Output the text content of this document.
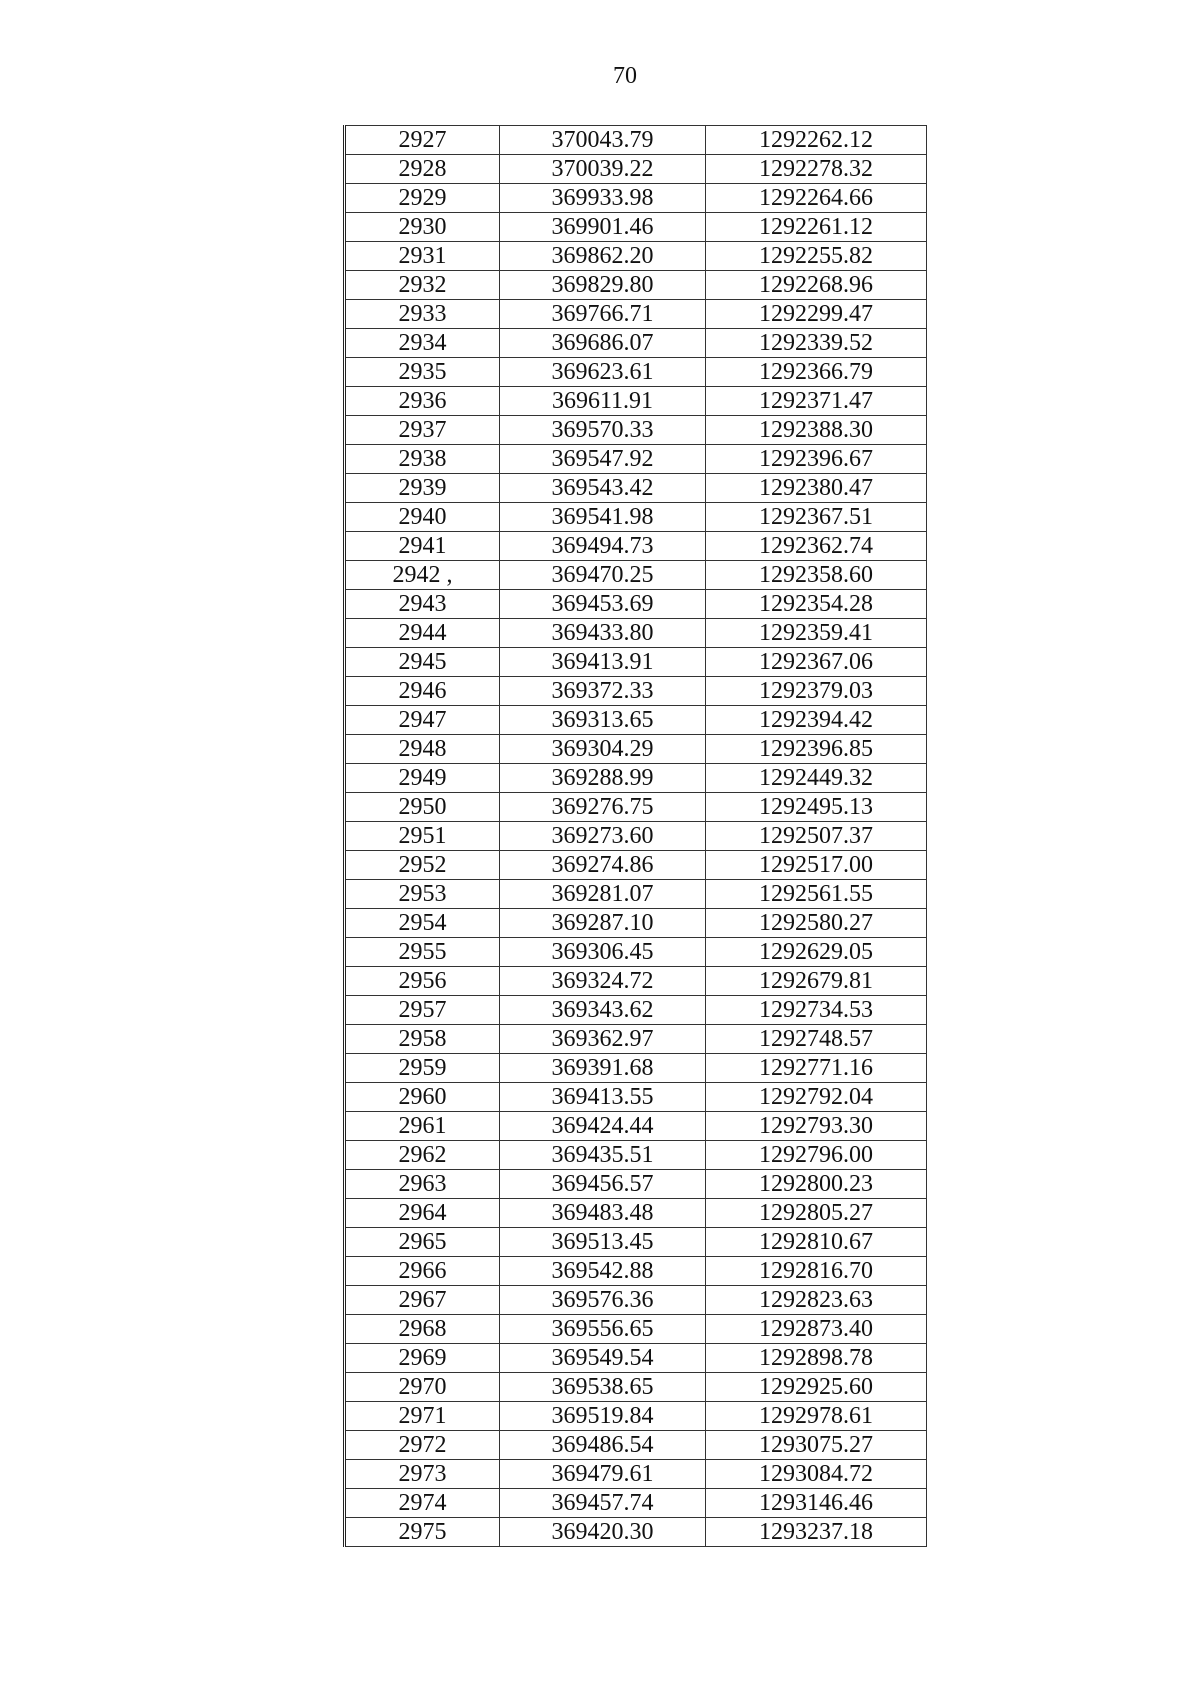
70
2927	370043.79	1292262.12
2928	370039.22	1292278.32
2929	369933.98	1292264.66
2930	369901.46	1292261.12
2931	369862.20	1292255.82
2932	369829.80	1292268.96
2933	369766.71	1292299.47
2934	369686.07	1292339.52
2935	369623.61	1292366.79
2936	369611.91	1292371.47
2937	369570.33	1292388.30
2938	369547.92	1292396.67
2939	369543.42	1292380.47
2940	369541.98	1292367.51
2941	369494.73	1292362.74
2942 ,	369470.25	1292358.60
2943	369453.69	1292354.28
2944	369433.80	1292359.41
2945	369413.91	1292367.06
2946	369372.33	1292379.03
2947	369313.65	1292394.42
2948	369304.29	1292396.85
2949	369288.99	1292449.32
2950	369276.75	1292495.13
2951	369273.60	1292507.37
2952	369274.86	1292517.00
2953	369281.07	1292561.55
2954	369287.10	1292580.27
2955	369306.45	1292629.05
2956	369324.72	1292679.81
2957	369343.62	1292734.53
2958	369362.97	1292748.57
2959	369391.68	1292771.16
2960	369413.55	1292792.04
2961	369424.44	1292793.30
2962	369435.51	1292796.00
2963	369456.57	1292800.23
2964	369483.48	1292805.27
2965	369513.45	1292810.67
2966	369542.88	1292816.70
2967	369576.36	1292823.63
2968	369556.65	1292873.40
2969	369549.54	1292898.78
2970	369538.65	1292925.60
2971	369519.84	1292978.61
2972	369486.54	1293075.27
2973	369479.61	1293084.72
2974	369457.74	1293146.46
2975	369420.30	1293237.18
